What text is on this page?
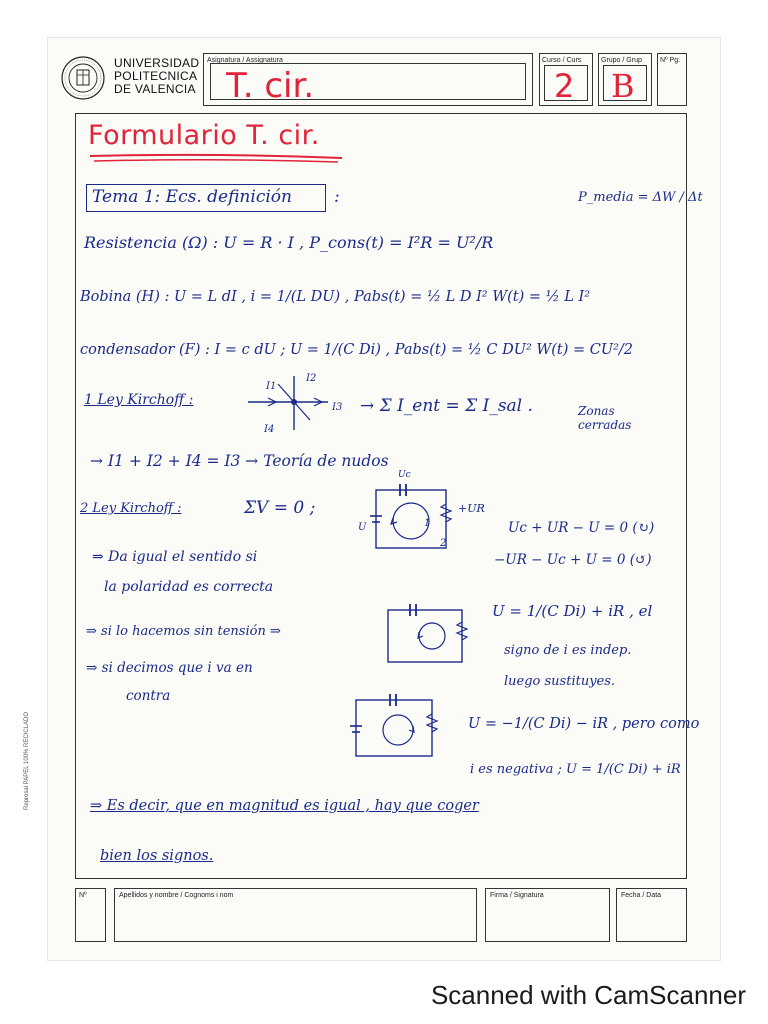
UNIVERSIDAD
POLITECNICA
DE VALENCIA
Asignatura / Assignatura
T. cir.
Curso / Curs
2
Grupo / Grup
B
Nº Pg.
Formulario T. cir.
Tema 1: Ecs. definición :	P_media = ΔW / Δt
Resistencia (Ω) : U = R · I , P_cons(t) = I²R = U²/R
Bobina (H) : U = L dI , i = 1/(L DU) , Pabs(t) = ½ L D I² W(t) = ½ L I²
condensador (F) : I = c dU ; U = 1/(C Di) , Pabs(t) = ½ C DU² W(t) = CU²/2
1 Ley Kirchoff :
I1
I2
I3
I4
→ Σ I_ent = Σ I_sal .	Zonas cerradas
→ I1 + I2 + I4 = I3 → Teoría de nudos
2 Ley Kirchoff :	ΣV = 0 ;
Uc
+UR
U	1
2
Uc + UR − U = 0 (↻)
−UR − Uc + U = 0 (↺)
⇒ Da igual el sentido si
la polaridad es correcta
⇒ si lo hacemos sin tensión ⇒
⇒ si decimos que i va en
contra
U = 1/(C Di) + iR , el
signo de i es indep.
luego sustituyes.
U = −1/(C Di) − iR , pero como
i es negativa ; U = 1/(C Di) + iR
⇒ Es decir, que en magnitud es igual , hay que coger
bien los signos.
Reprosal PAPEL 100% RECICLADO
Nº	Apellidos y nombre / Cognoms i nom	Firma / Signatura	Fecha / Data
Scanned with CamScanner
